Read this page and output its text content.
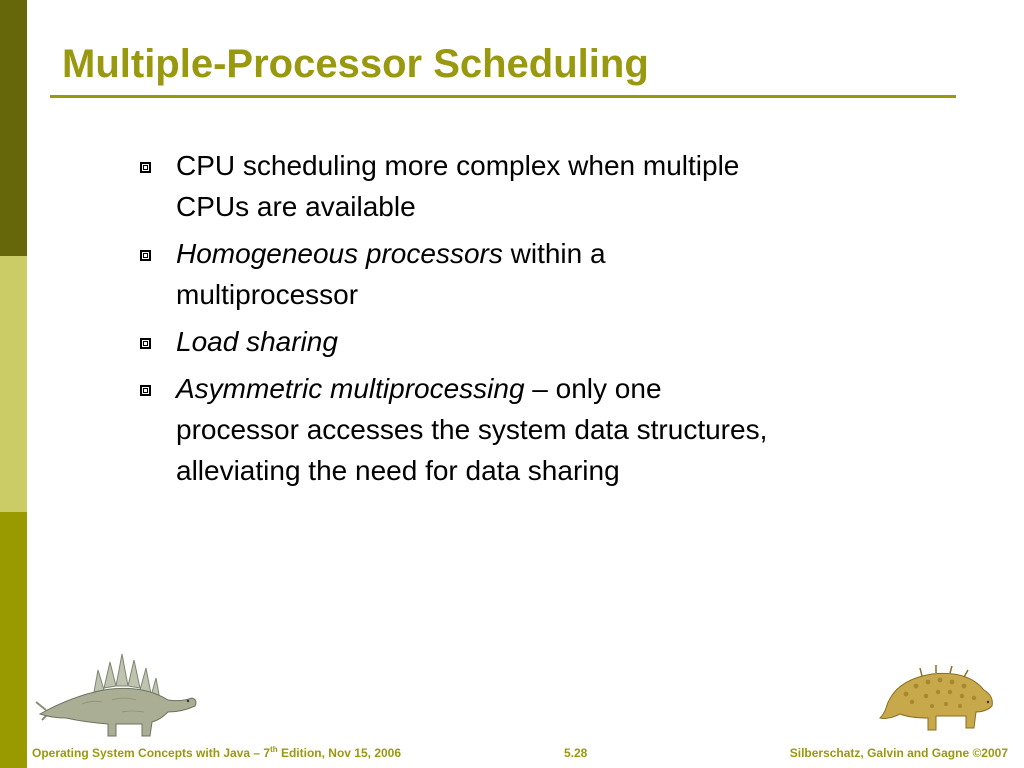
Multiple-Processor Scheduling
CPU scheduling more complex when multiple CPUs are available
Homogeneous processors within a multiprocessor
Load sharing
Asymmetric multiprocessing – only one processor accesses the system data structures, alleviating the need for data sharing
Operating System Concepts with Java – 7th Edition, Nov 15, 2006	5.28	Silberschatz, Galvin and Gagne ©2007
